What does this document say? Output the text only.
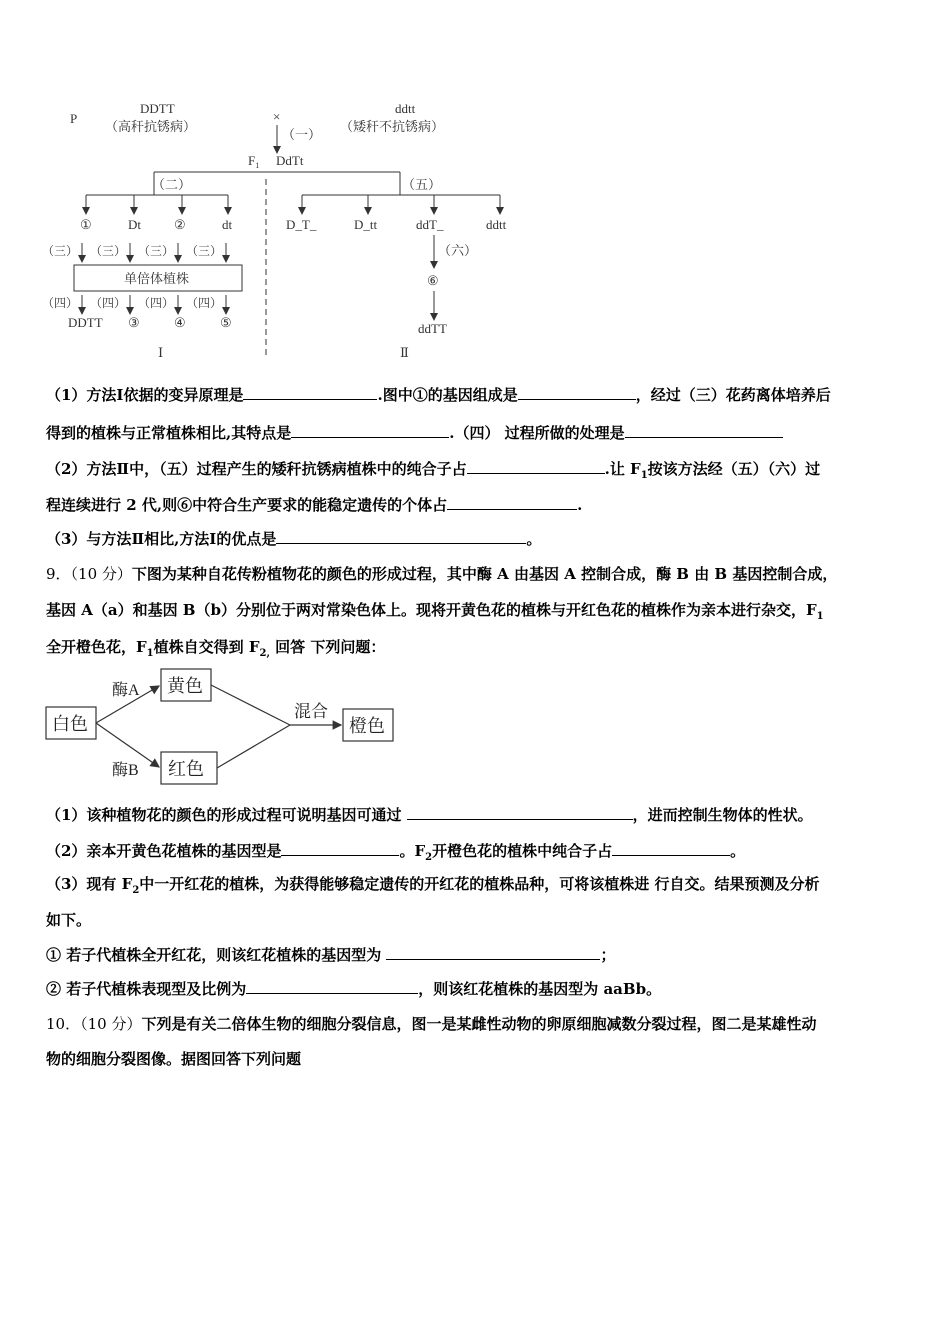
P
DDTT
（高秆抗锈病）
×
ddtt
（矮秆不抗锈病）
（一）
$F_1$ DdTt
（二）	（五）
①	Dt	②	dt
（三） （三） （三） （三）
单倍体植株
（四） （四） （四） （四）
DDTT ③	④	⑤
Ⅰ
D_T_	D_tt	ddT_	ddtt
（六）
⑥
ddTT
Ⅱ
（1）方法Ⅰ依据的变异原理是	.图中①的基因组成是	，经过（三）花药离体培养后
得到的植株与正常植株相比,其特点是	.（四） 过程所做的处理是
（2）方法Ⅱ中，（五）过程产生的矮秆抗锈病植株中的纯合子占	.让 $F_1$按该方法经（五）（六）过
程连续进行 2 代,则⑥中符合生产要求的能稳定遗传的个体占	.
（3）与方法Ⅱ相比,方法Ⅰ的优点是	。
9．（10 分）下图为某种自花传粉植物花的颜色的形成过程，其中酶 A 由基因 A 控制合成，酶 B 由 B 基因控制合成，
基因 A（a）和基因 B（b）分别位于两对常染色体上。现将开黄色花的植株与开红色花的植株作为亲本进行杂交，$F_1$
全开橙色花，$F_1$植株自交得到 $F_{2,}$ 回答 下列问题：
白色
酶A 黄色
酶B 红色
混合
橙色
（1）该种植物花的颜色的形成过程可说明基因可通过	，进而控制生物体的性状。
（2）亲本开黄色花植株的基因型是	。$F_2$开橙色花的植株中纯合子占	。
（3）现有 $F_2$中一开红花的植株，为获得能够稳定遗传的开红花的植株品种，可将该植株进 行自交。结果预测及分析
如下。
① 若子代植株全开红花，则该红花植株的基因型为	；
② 若子代植株表现型及比例为	，则该红花植株的基因型为 aaBb。
10．（10 分）下列是有关二倍体生物的细胞分裂信息，图一是某雌性动物的卵原细胞减数分裂过程，图二是某雄性动
物的细胞分裂图像。据图回答下列问题
